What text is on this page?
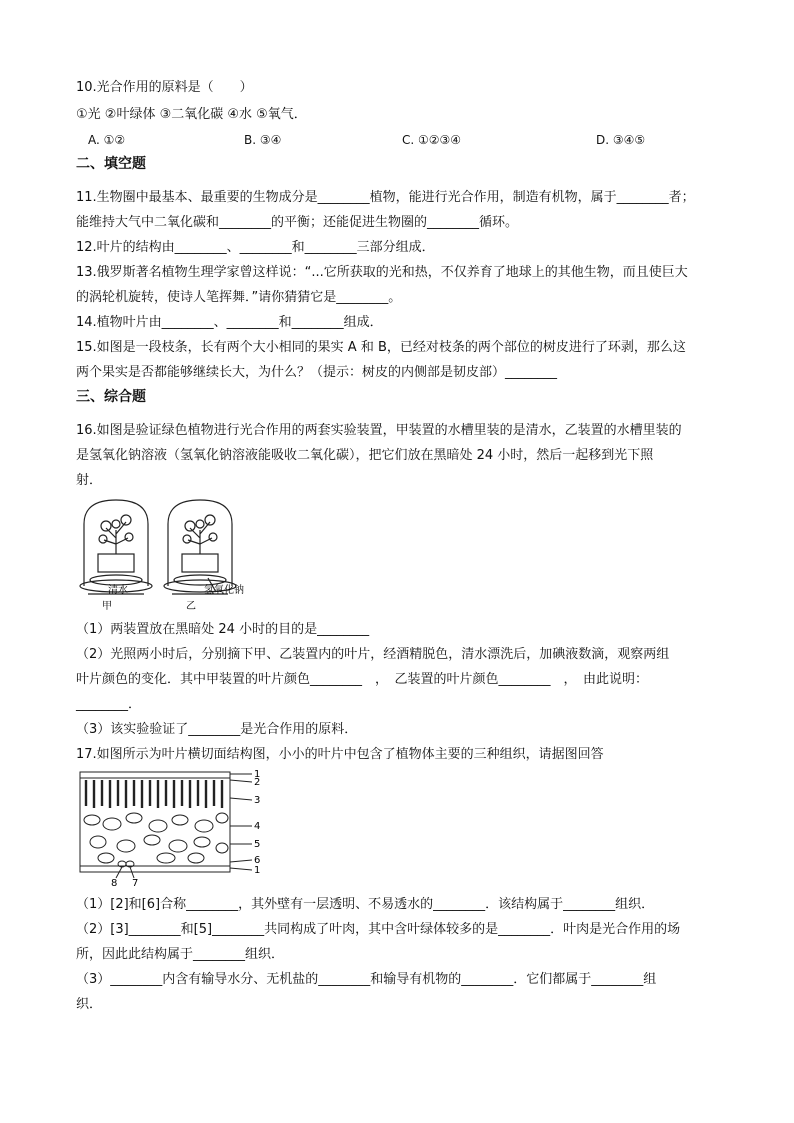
10.光合作用的原料是（　　）
①光 ②叶绿体 ③二氧化碳 ④水 ⑤氧气．
A. ①②	B. ③④	C. ①②③④	D. ③④⑤
二、填空题
11.生物圈中最基本、最重要的生物成分是________植物，能进行光合作用，制造有机物，属于________者；
能维持大气中二氧化碳和________的平衡；还能促进生物圈的________循环。
12.叶片的结构由________、________和________三部分组成．
13.俄罗斯著名植物生理学家曾这样说：“...它所获取的光和热，不仅养育了地球上的其他生物，而且使巨大
的涡轮机旋转，使诗人笔挥舞．”请你猜猜它是________。
14.植物叶片由________、________和________组成．
15.如图是一段枝条，长有两个大小相同的果实 A 和 B，已经对枝条的两个部位的树皮进行了环剥，那么这
两个果实是否都能够继续长大，为什么？（提示：树皮的内侧部是韧皮部）________
三、综合题
16.如图是验证绿色植物进行光合作用的两套实验装置，甲装置的水槽里装的是清水，乙装置的水槽里装的
是氢氧化钠溶液（氢氧化钠溶液能吸收二氧化碳），把它们放在黑暗处 24 小时，然后一起移到光下照
射．
清水	氢氧化钠
甲	乙
（1）两装置放在黑暗处 24 小时的目的是________
（2）光照两小时后，分别摘下甲、乙装置内的叶片，经酒精脱色，清水漂洗后，加碘液数滴，观察两组
叶片颜色的变化．其中甲装置的叶片颜色________　，　乙装置的叶片颜色________　，　由此说明：
________．
（3）该实验验证了________是光合作用的原料．
17.如图所示为叶片横切面结构图，小小的叶片中包含了植物体主要的三种组织，请据图回答
1
2
3
4
5
6
1
8 7
（1）[2]和[6]合称________，其外壁有一层透明、不易透水的________．该结构属于________组织．
（2）[3]________和[5]________共同构成了叶肉，其中含叶绿体较多的是________．叶肉是光合作用的场
所，因此此结构属于________组织．
（3）________内含有输导水分、无机盐的________和输导有机物的________．它们都属于________组
织．
